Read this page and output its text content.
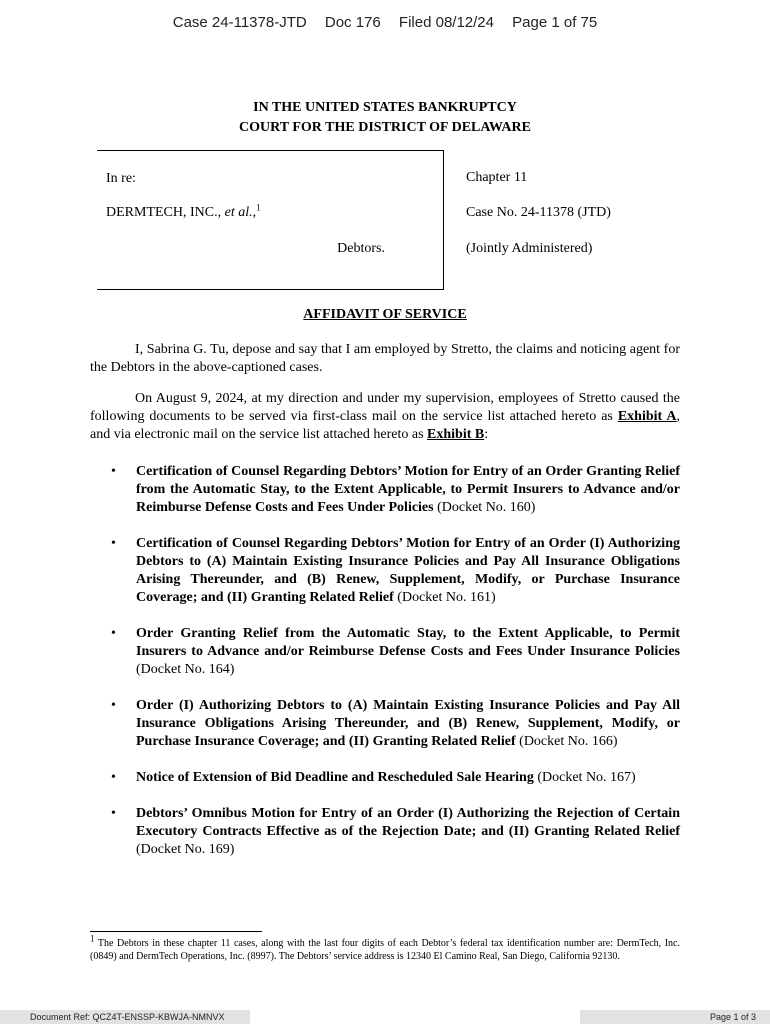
Case 24-11378-JTD Doc 176 Filed 08/12/24 Page 1 of 75
IN THE UNITED STATES BANKRUPTCY
COURT FOR THE DISTRICT OF DELAWARE
In re:
DERMTECH, INC., et al.,$^1$
Debtors.
Chapter 11
Case No. 24-11378 (JTD)
(Jointly Administered)
AFFIDAVIT OF SERVICE
I, Sabrina G. Tu, depose and say that I am employed by Stretto, the claims and noticing agent for the Debtors in the above-captioned cases.
On August 9, 2024, at my direction and under my supervision, employees of Stretto caused the following documents to be served via first-class mail on the service list attached hereto as Exhibit A, and via electronic mail on the service list attached hereto as Exhibit B:
• Certification of Counsel Regarding Debtors’ Motion for Entry of an Order Granting Relief from the Automatic Stay, to the Extent Applicable, to Permit Insurers to Advance and/or Reimburse Defense Costs and Fees Under Policies (Docket No. 160)
• Certification of Counsel Regarding Debtors’ Motion for Entry of an Order (I) Authorizing Debtors to (A) Maintain Existing Insurance Policies and Pay All Insurance Obligations Arising Thereunder, and (B) Renew, Supplement, Modify, or Purchase Insurance Coverage; and (II) Granting Related Relief (Docket No. 161)
• Order Granting Relief from the Automatic Stay, to the Extent Applicable, to Permit Insurers to Advance and/or Reimburse Defense Costs and Fees Under Insurance Policies (Docket No. 164)
• Order (I) Authorizing Debtors to (A) Maintain Existing Insurance Policies and Pay All Insurance Obligations Arising Thereunder, and (B) Renew, Supplement, Modify, or Purchase Insurance Coverage; and (II) Granting Related Relief (Docket No. 166)
• Notice of Extension of Bid Deadline and Rescheduled Sale Hearing (Docket No. 167)
• Debtors’ Omnibus Motion for Entry of an Order (I) Authorizing the Rejection of Certain Executory Contracts Effective as of the Rejection Date; and (II) Granting Related Relief (Docket No. 169)
$^1$ The Debtors in these chapter 11 cases, along with the last four digits of each Debtor’s federal tax identification number are: DermTech, Inc. (0849) and DermTech Operations, Inc. (8997). The Debtors’ service address is 12340 El Camino Real, San Diego, California 92130.
Document Ref: QCZ4T-ENSSP-KBWJA-NMNVX	Page 1 of 3
